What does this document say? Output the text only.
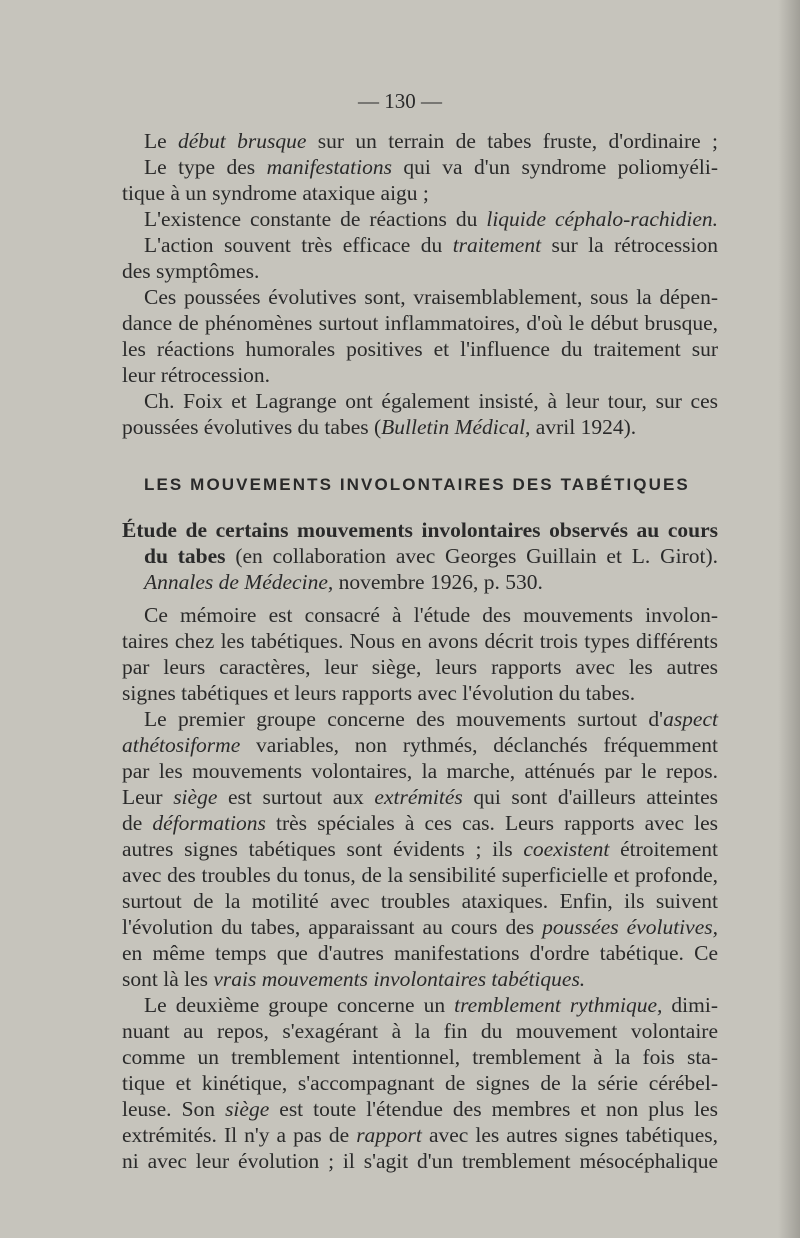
— 130 —

Le début brusque sur un terrain de tabes fruste, d'ordinaire ;

Le type des manifestations qui va d'un syndrome poliomyéli-

tique à un syndrome ataxique aigu ;

L'existence constante de réactions du liquide céphalo-rachidien.

L'action souvent très efficace du traitement sur la rétrocession

des symptômes.

Ces poussées évolutives sont, vraisemblablement, sous la dépen-

dance de phénomènes surtout inflammatoires, d'où le début brusque,

les réactions humorales positives et l'influence du traitement sur

leur rétrocession.

Ch. Foix et Lagrange ont également insisté, à leur tour, sur ces

poussées évolutives du tabes (Bulletin Médical, avril 1924).

LES MOUVEMENTS INVOLONTAIRES DES TABÉTIQUES

Étude de certains mouvements involontaires observés au cours

du tabes (en collaboration avec Georges Guillain et L. Girot).

Annales de Médecine, novembre 1926, p. 530.

Ce mémoire est consacré à l'étude des mouvements involon-

taires chez les tabétiques. Nous en avons décrit trois types différents

par leurs caractères, leur siège, leurs rapports avec les autres

signes tabétiques et leurs rapports avec l'évolution du tabes.

Le premier groupe concerne des mouvements surtout d'aspect

athétosiforme variables, non rythmés, déclanchés fréquemment

par les mouvements volontaires, la marche, atténués par le repos.

Leur siège est surtout aux extrémités qui sont d'ailleurs atteintes

de déformations très spéciales à ces cas. Leurs rapports avec les

autres signes tabétiques sont évidents ; ils coexistent étroitement

avec des troubles du tonus, de la sensibilité superficielle et profonde,

surtout de la motilité avec troubles ataxiques. Enfin, ils suivent

l'évolution du tabes, apparaissant au cours des poussées évolutives,

en même temps que d'autres manifestations d'ordre tabétique. Ce

sont là les vrais mouvements involontaires tabétiques.

Le deuxième groupe concerne un tremblement rythmique, dimi-

nuant au repos, s'exagérant à la fin du mouvement volontaire

comme un tremblement intentionnel, tremblement à la fois sta-

tique et kinétique, s'accompagnant de signes de la série cérébel-

leuse. Son siège est toute l'étendue des membres et non plus les

extrémités. Il n'y a pas de rapport avec les autres signes tabétiques,

ni avec leur évolution ; il s'agit d'un tremblement mésocéphalique
